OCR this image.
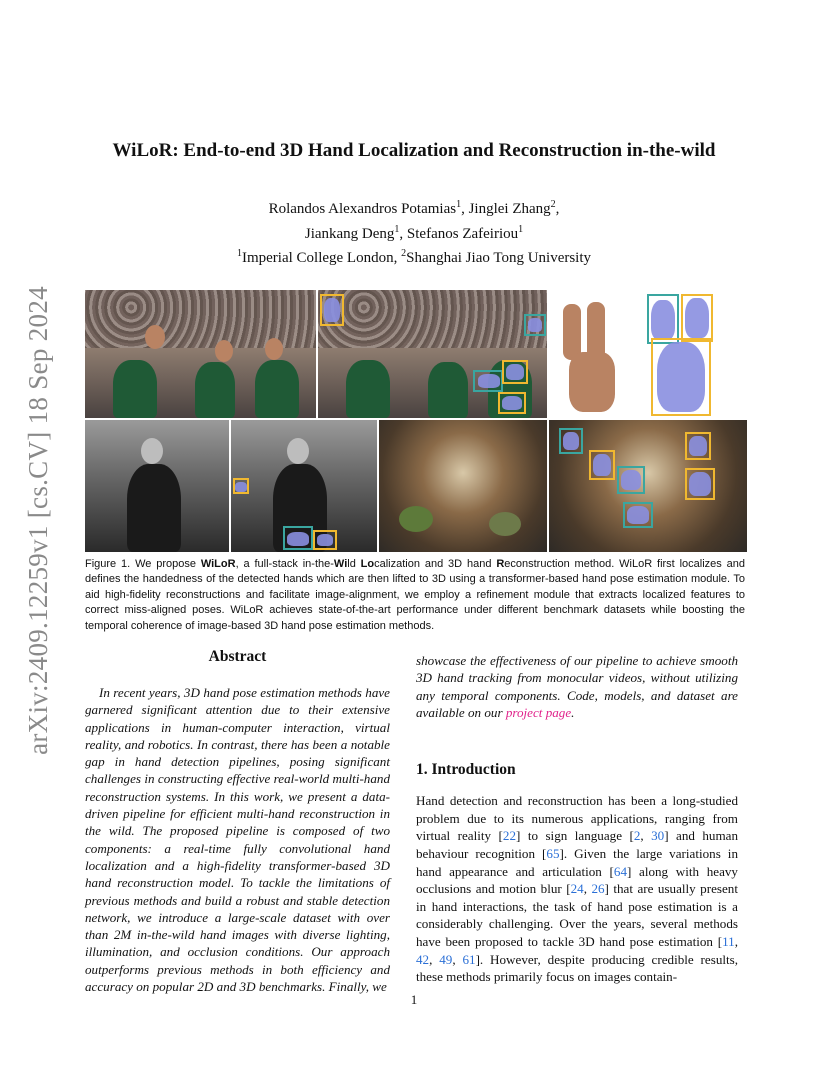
arXiv:2409.12259v1 [cs.CV] 18 Sep 2024
WiLoR: End-to-end 3D Hand Localization and Reconstruction in-the-wild
Rolandos Alexandros Potamias$^1$, Jinglei Zhang$^2$,
Jiankang Deng$^1$, Stefanos Zafeiriou$^1$
$^1$Imperial College London, $^2$Shanghai Jiao Tong University
Figure 1. We propose WiLoR, a full-stack in-the-Wild Localization and 3D hand Reconstruction method. WiLoR first localizes and defines the handedness of the detected hands which are then lifted to 3D using a transformer-based hand pose estimation module. To aid high-fidelity reconstructions and facilitate image-alignment, we employ a refinement module that extracts localized features to correct miss-aligned poses. WiLoR achieves state-of-the-art performance under different benchmark datasets while boosting the temporal coherence of image-based 3D hand pose estimation methods.
Abstract

In recent years, 3D hand pose estimation methods have garnered significant attention due to their extensive applications in human-computer interaction, virtual reality, and robotics. In contrast, there has been a notable gap in hand detection pipelines, posing significant challenges in constructing effective real-world multi-hand reconstruction systems. In this work, we present a data-driven pipeline for efficient multi-hand reconstruction in the wild. The proposed pipeline is composed of two components: a real-time fully convolutional hand localization and a high-fidelity transformer-based 3D hand reconstruction model. To tackle the limitations of previous methods and build a robust and stable detection network, we introduce a large-scale dataset with over than 2M in-the-wild hand images with diverse lighting, illumination, and occlusion conditions. Our approach outperforms previous methods in both efficiency and accuracy on popular 2D and 3D benchmarks. Finally, we

showcase the effectiveness of our pipeline to achieve smooth 3D hand tracking from monocular videos, without utilizing any temporal components. Code, models, and dataset are available on our project page.

1. Introduction

Hand detection and reconstruction has been a long-studied problem due to its numerous applications, ranging from virtual reality [22] to sign language [2, 30] and human behaviour recognition [65]. Given the large variations in hand appearance and articulation [64] along with heavy occlusions and motion blur [24, 26] that are usually present in hand interactions, the task of hand pose estimation is a considerably challenging. Over the years, several methods have been proposed to tackle 3D hand pose estimation [11, 42, 49, 61]. However, despite producing credible results, these methods primarily focus on images contain-

1
